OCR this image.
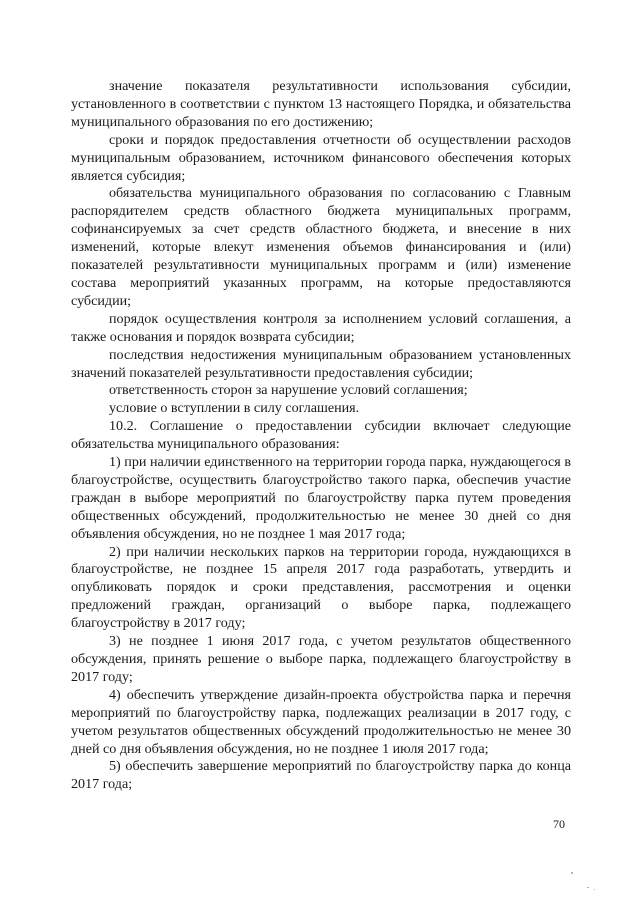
значение показателя результативности использования субсидии, установленного в соответствии с пунктом 13 настоящего Порядка, и обязательства муниципального образования по его достижению;

сроки и порядок предоставления отчетности об осуществлении расходов муниципальным образованием, источником финансового обеспечения которых является субсидия;

обязательства муниципального образования по согласованию с Главным распорядителем средств областного бюджета муниципальных программ, софинансируемых за счет средств областного бюджета, и внесение в них изменений, которые влекут изменения объемов финансирования и (или) показателей результативности муниципальных программ и (или) изменение состава мероприятий указанных программ, на которые предоставляются субсидии;

порядок осуществления контроля за исполнением условий соглашения, а также основания и порядок возврата субсидии;

последствия недостижения муниципальным образованием установленных значений показателей результативности предоставления субсидии;

ответственность сторон за нарушение условий соглашения;

условие о вступлении в силу соглашения.

10.2. Соглашение о предоставлении субсидии включает следующие обязательства муниципального образования:

1) при наличии единственного на территории города парка, нуждающегося в благоустройстве, осуществить благоустройство такого парка, обеспечив участие граждан в выборе мероприятий по благоустройству парка путем проведения общественных обсуждений, продолжительностью не менее 30 дней со дня объявления обсуждения, но не позднее 1 мая 2017 года;

2) при наличии нескольких парков на территории города, нуждающихся в благоустройстве, не позднее 15 апреля 2017 года разработать, утвердить и опубликовать порядок и сроки представления, рассмотрения и оценки предложений граждан, организаций о выборе парка, подлежащего благоустройству в 2017 году;

3) не позднее 1 июня 2017 года, с учетом результатов общественного обсуждения, принять решение о выборе парка, подлежащего благоустройству в 2017 году;

4) обеспечить утверждение дизайн-проекта обустройства парка и перечня мероприятий по благоустройству парка, подлежащих реализации в 2017 году, с учетом результатов общественных обсуждений продолжительностью не менее 30 дней со дня объявления обсуждения, но не позднее 1 июля 2017 года;

5) обеспечить завершение мероприятий по благоустройству парка до конца 2017 года;

70
